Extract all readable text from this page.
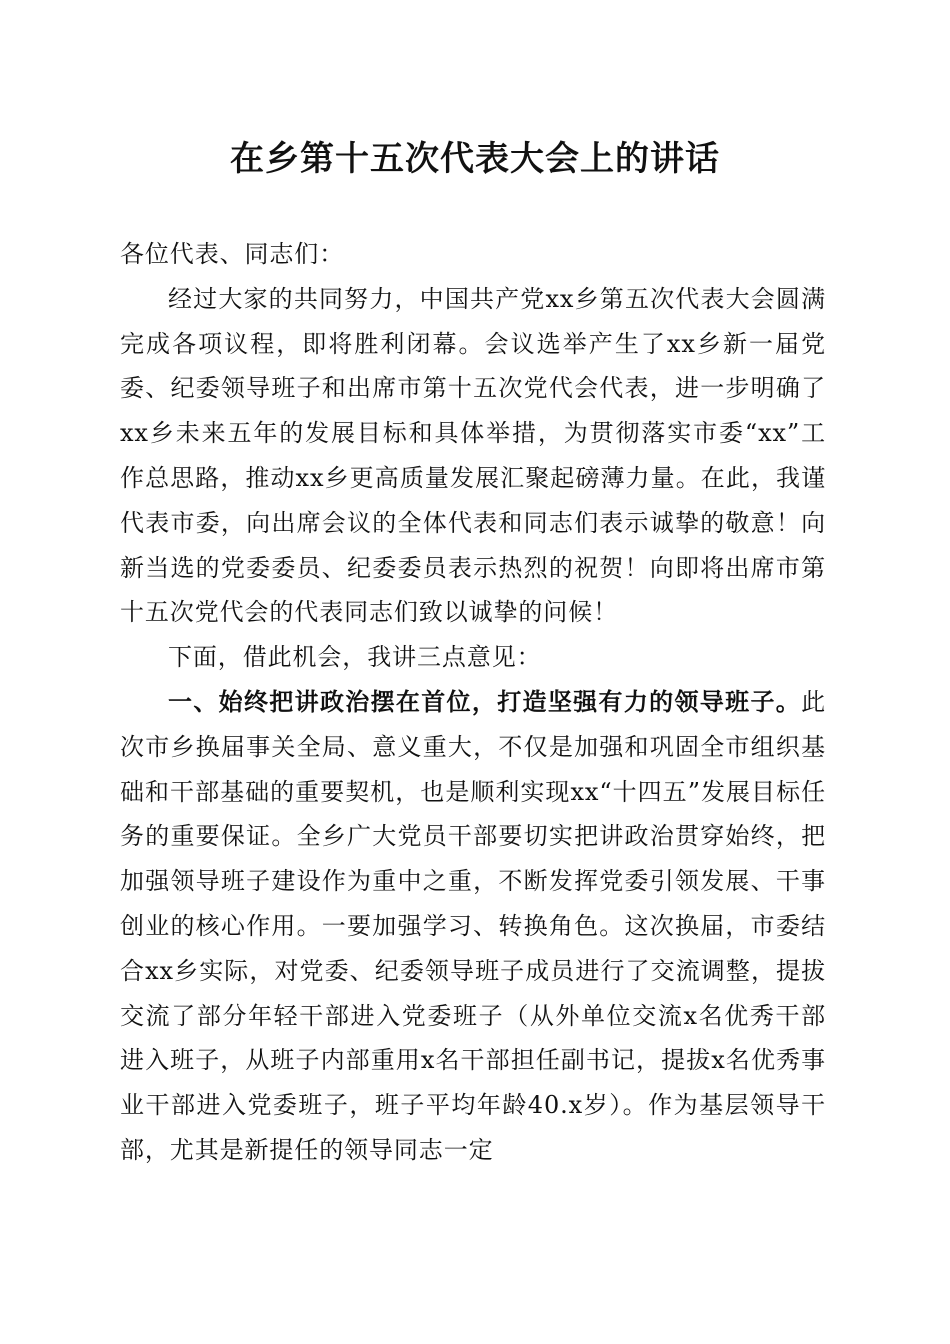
在乡第十五次代表大会上的讲话

各位代表、同志们：

经过大家的共同努力，中国共产党xx乡第五次代表大会圆满完成各项议程，即将胜利闭幕。会议选举产生了xx乡新一届党委、纪委领导班子和出席市第十五次党代会代表，进一步明确了xx乡未来五年的发展目标和具体举措，为贯彻落实市委“xx”工作总思路，推动xx乡更高质量发展汇聚起磅薄力量。在此，我谨代表市委，向出席会议的全体代表和同志们表示诚挚的敬意！向新当选的党委委员、纪委委员表示热烈的祝贺！向即将出席市第十五次党代会的代表同志们致以诚挚的问候！

下面，借此机会，我讲三点意见：

一、始终把讲政治摆在首位，打造坚强有力的领导班子。此次市乡换届事关全局、意义重大，不仅是加强和巩固全市组织基础和干部基础的重要契机，也是顺利实现xx“十四五”发展目标任务的重要保证。全乡广大党员干部要切实把讲政治贯穿始终，把加强领导班子建设作为重中之重，不断发挥党委引领发展、干事创业的核心作用。一要加强学习、转换角色。这次换届，市委结合xx乡实际，对党委、纪委领导班子成员进行了交流调整，提拔交流了部分年轻干部进入党委班子（从外单位交流x名优秀干部进入班子，从班子内部重用x名干部担任副书记，提拔x名优秀事业干部进入党委班子，班子平均年龄40.x岁）。作为基层领导干部，尤其是新提任的领导同志一定
